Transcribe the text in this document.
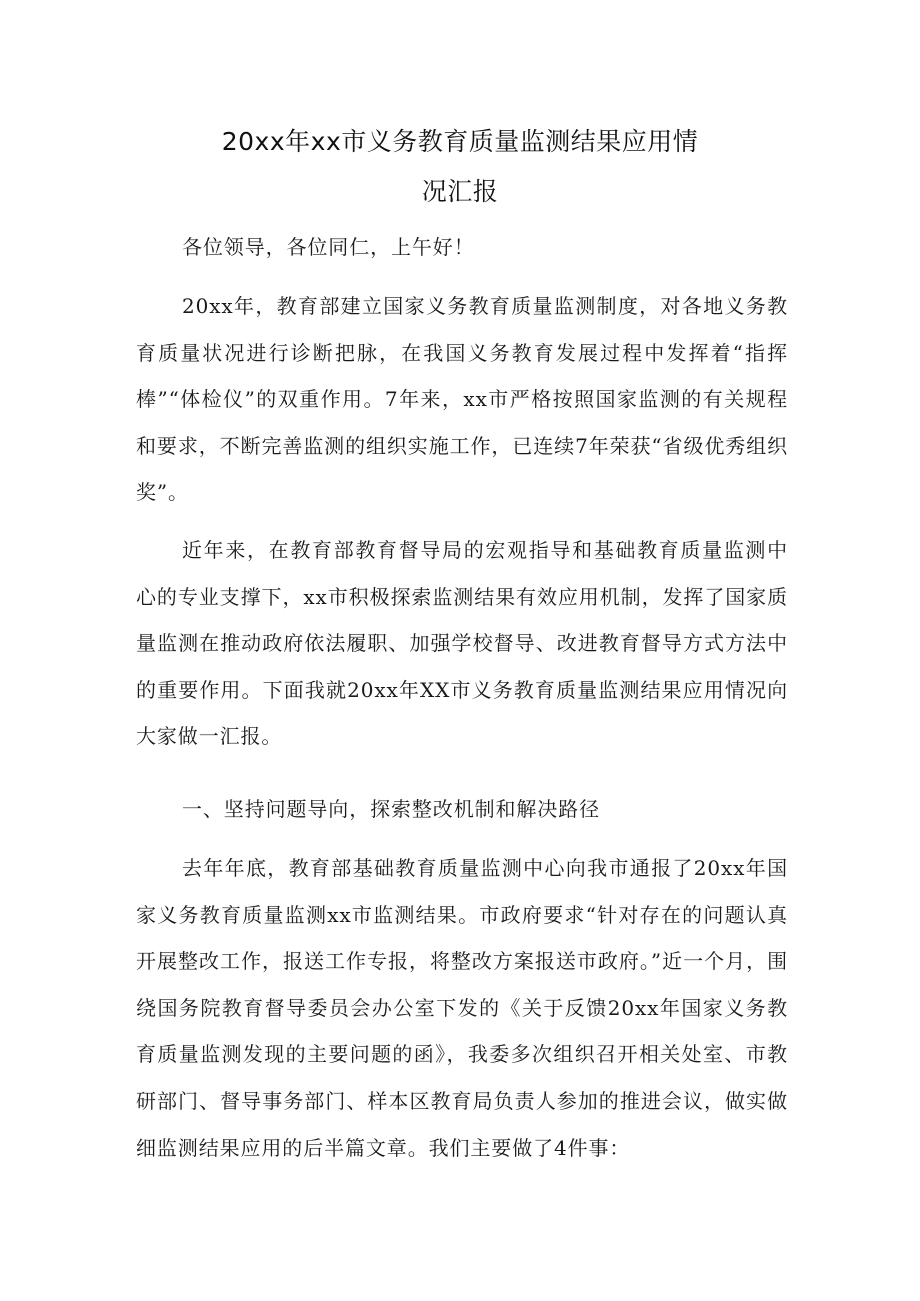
20xx年xx市义务教育质量监测结果应用情
况汇报

各位领导，各位同仁，上午好！

20xx年，教育部建立国家义务教育质量监测制度，对各地义务教育质量状况进行诊断把脉，在我国义务教育发展过程中发挥着“指挥棒”“体检仪”的双重作用。7年来，xx市严格按照国家监测的有关规程和要求，不断完善监测的组织实施工作，已连续7年荣获“省级优秀组织奖”。

近年来，在教育部教育督导局的宏观指导和基础教育质量监测中心的专业支撑下，xx市积极探索监测结果有效应用机制，发挥了国家质量监测在推动政府依法履职、加强学校督导、改进教育督导方式方法中的重要作用。下面我就20xx年XX市义务教育质量监测结果应用情况向大家做一汇报。

一、坚持问题导向，探索整改机制和解决路径

去年年底，教育部基础教育质量监测中心向我市通报了20xx年国家义务教育质量监测xx市监测结果。市政府要求“针对存在的问题认真开展整改工作，报送工作专报，将整改方案报送市政府。”近一个月，围绕国务院教育督导委员会办公室下发的《关于反馈20xx年国家义务教育质量监测发现的主要问题的函》，我委多次组织召开相关处室、市教研部门、督导事务部门、样本区教育局负责人参加的推进会议，做实做细监测结果应用的后半篇文章。我们主要做了4件事：
